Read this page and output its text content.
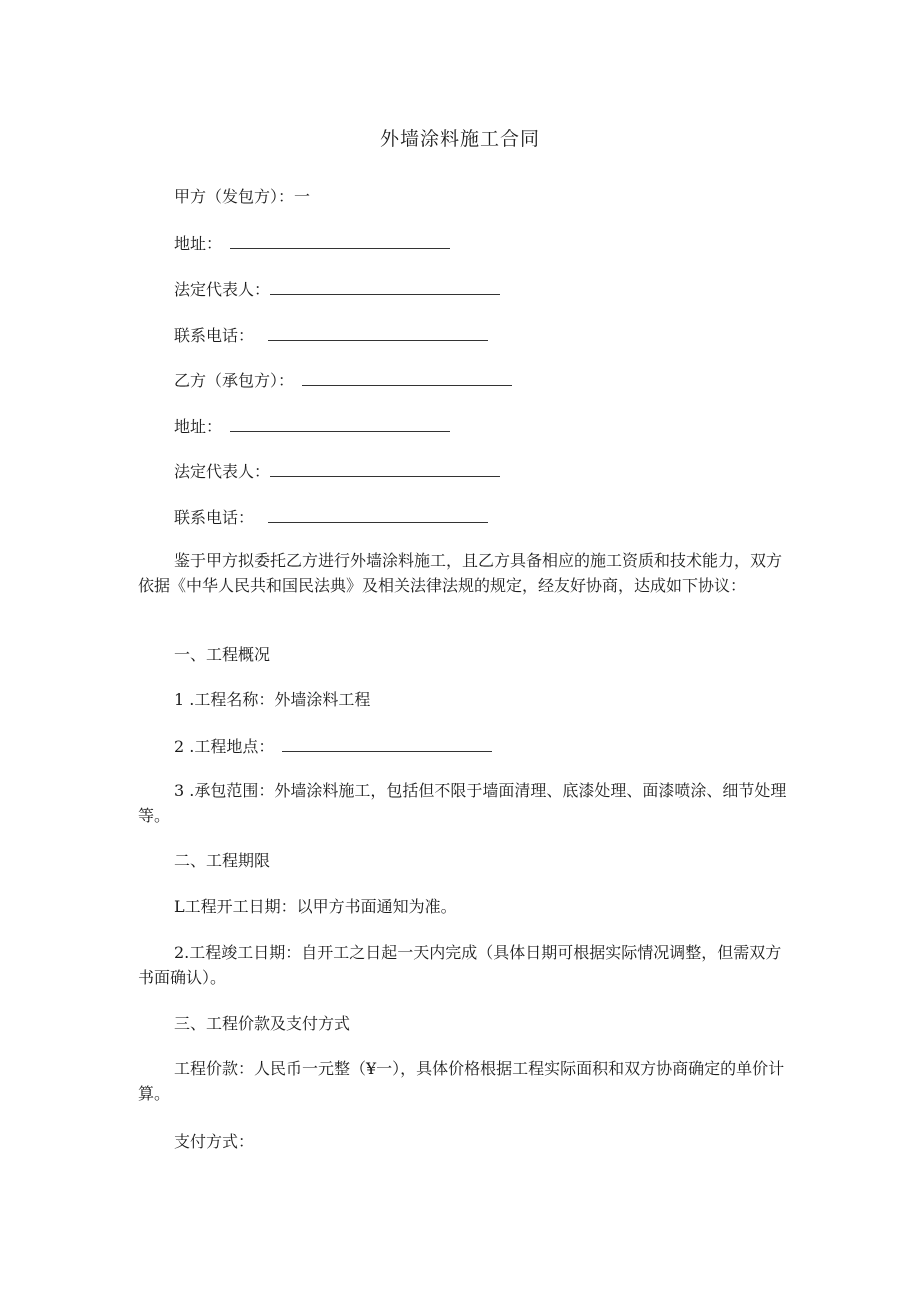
外墙涂料施工合同
甲方（发包方）：一
地址：
法定代表人：
联系电话：
乙方（承包方）：
地址：
法定代表人：
联系电话：
鉴于甲方拟委托乙方进行外墙涂料施工，且乙方具备相应的施工资质和技术能力，双方依据《中华人民共和国民法典》及相关法律法规的规定，经友好协商，达成如下协议：
一、工程概况
1 .工程名称：外墙涂料工程
2 .工程地点：
3 .承包范围：外墙涂料施工，包括但不限于墙面清理、底漆处理、面漆喷涂、细节处理等。
二、工程期限
L工程开工日期：以甲方书面通知为准。
2.工程竣工日期：自开工之日起一天内完成（具体日期可根据实际情况调整，但需双方书面确认）。
三、工程价款及支付方式
工程价款：人民币一元整（¥一），具体价格根据工程实际面积和双方协商确定的单价计算。
支付方式：
